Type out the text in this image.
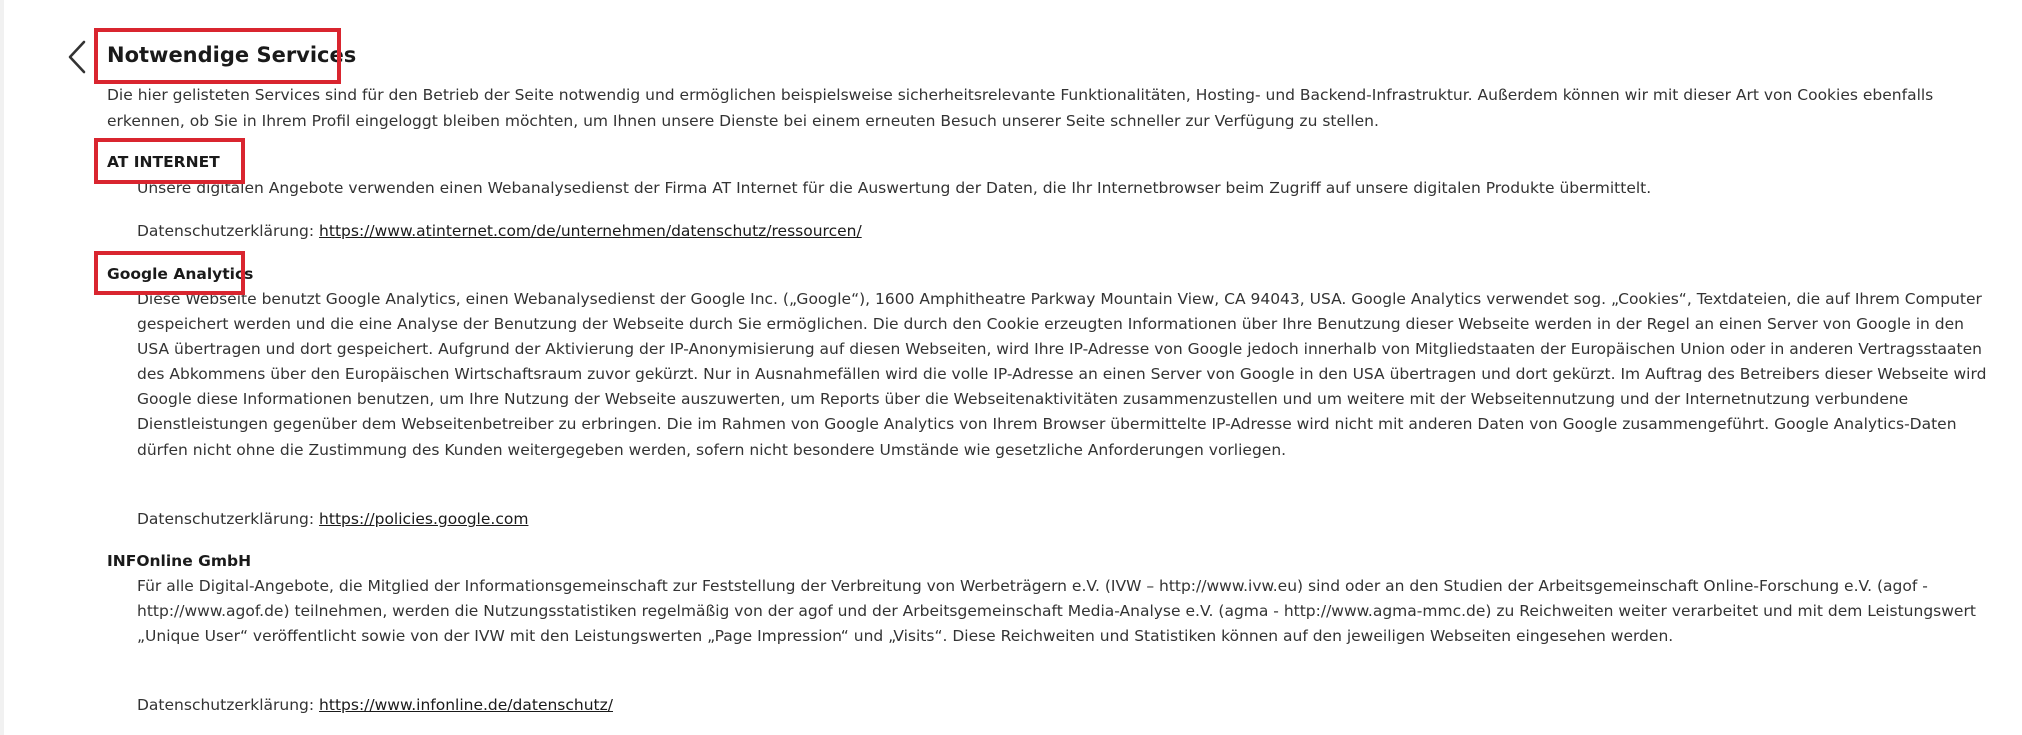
Notwendige Services

Die hier gelisteten Services sind für den Betrieb der Seite notwendig und ermöglichen beispielsweise sicherheitsrelevante Funktionalitäten, Hosting- und Backend-Infrastruktur. Außerdem können wir mit dieser Art von Cookies ebenfalls erkennen, ob Sie in Ihrem Profil eingeloggt bleiben möchten, um Ihnen unsere Dienste bei einem erneuten Besuch unserer Seite schneller zur Verfügung zu stellen.

AT INTERNET

Unsere digitalen Angebote verwenden einen Webanalysedienst der Firma AT Internet für die Auswertung der Daten, die Ihr Internetbrowser beim Zugriff auf unsere digitalen Produkte übermittelt.

Datenschutzerklärung: https://www.atinternet.com/de/unternehmen/datenschutz/ressourcen/

Google Analytics

Diese Webseite benutzt Google Analytics, einen Webanalysedienst der Google Inc. („Google“), 1600 Amphitheatre Parkway Mountain View, CA 94043, USA. Google Analytics verwendet sog. „Cookies“, Textdateien, die auf Ihrem Computer gespeichert werden und die eine Analyse der Benutzung der Webseite durch Sie ermöglichen. Die durch den Cookie erzeugten Informationen über Ihre Benutzung dieser Webseite werden in der Regel an einen Server von Google in den USA übertragen und dort gespeichert. Aufgrund der Aktivierung der IP-Anonymisierung auf diesen Webseiten, wird Ihre IP-Adresse von Google jedoch innerhalb von Mitgliedstaaten der Europäischen Union oder in anderen Vertragsstaaten des Abkommens über den Europäischen Wirtschaftsraum zuvor gekürzt. Nur in Ausnahmefällen wird die volle IP-Adresse an einen Server von Google in den USA übertragen und dort gekürzt. Im Auftrag des Betreibers dieser Webseite wird Google diese Informationen benutzen, um Ihre Nutzung der Webseite auszuwerten, um Reports über die Webseitenaktivitäten zusammenzustellen und um weitere mit der Webseitennutzung und der Internetnutzung verbundene Dienstleistungen gegenüber dem Webseitenbetreiber zu erbringen. Die im Rahmen von Google Analytics von Ihrem Browser übermittelte IP-Adresse wird nicht mit anderen Daten von Google zusammengeführt. Google Analytics-Daten dürfen nicht ohne die Zustimmung des Kunden weitergegeben werden, sofern nicht besondere Umstände wie gesetzliche Anforderungen vorliegen.

Datenschutzerklärung: https://policies.google.com

INFOnline GmbH

Für alle Digital-Angebote, die Mitglied der Informationsgemeinschaft zur Feststellung der Verbreitung von Werbeträgern e.V. (IVW – http://www.ivw.eu) sind oder an den Studien der Arbeitsgemeinschaft Online-Forschung e.V. (agof - http://www.agof.de) teilnehmen, werden die Nutzungsstatistiken regelmäßig von der agof und der Arbeitsgemeinschaft Media-Analyse e.V. (agma - http://www.agma-mmc.de) zu Reichweiten weiter verarbeitet und mit dem Leistungswert „Unique User“ veröffentlicht sowie von der IVW mit den Leistungswerten „Page Impression“ und „Visits“. Diese Reichweiten und Statistiken können auf den jeweiligen Webseiten eingesehen werden.

Datenschutzerklärung: https://www.infonline.de/datenschutz/
